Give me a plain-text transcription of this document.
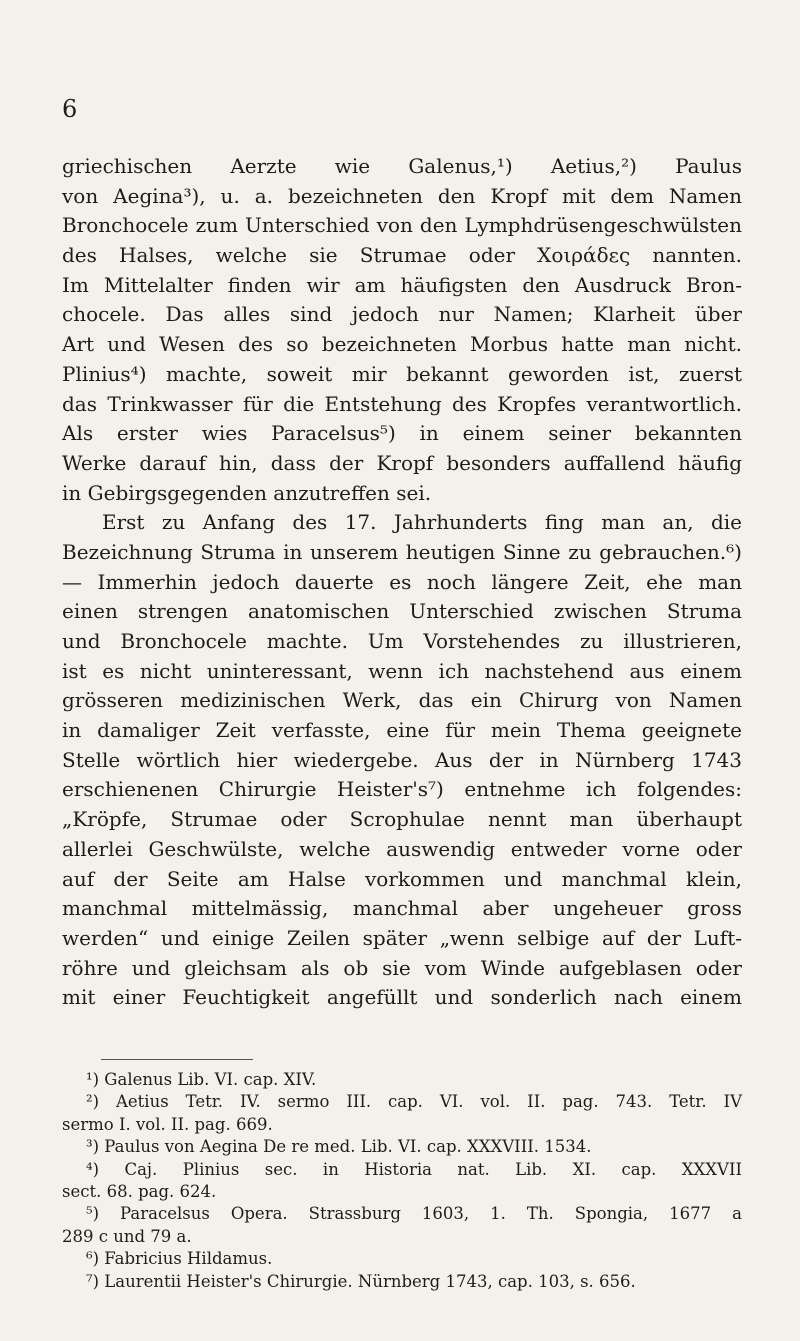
6
griechischen Aerzte wie Galenus,¹) Aetius,²) Paulus
von Aegina³), u. a. bezeichneten den Kropf mit dem Namen
Bronchocele zum Unterschied von den Lymphdrüsengeschwülsten
des Halses, welche sie Strumae oder Χοιράδες nannten.
Im Mittelalter finden wir am häufigsten den Ausdruck Bron-
chocele. Das alles sind jedoch nur Namen; Klarheit über
Art und Wesen des so bezeichneten Morbus hatte man nicht.
Plinius⁴) machte, soweit mir bekannt geworden ist, zuerst
das Trinkwasser für die Entstehung des Kropfes verantwortlich.
Als erster wies Paracelsus⁵) in einem seiner bekannten
Werke darauf hin, dass der Kropf besonders auffallend häufig
in Gebirgsgegenden anzutreffen sei.
Erst zu Anfang des 17. Jahrhunderts fing man an, die
Bezeichnung Struma in unserem heutigen Sinne zu gebrauchen.⁶)
— Immerhin jedoch dauerte es noch längere Zeit, ehe man
einen strengen anatomischen Unterschied zwischen Struma
und Bronchocele machte. Um Vorstehendes zu illustrieren,
ist es nicht uninteressant, wenn ich nachstehend aus einem
grösseren medizinischen Werk, das ein Chirurg von Namen
in damaliger Zeit verfasste, eine für mein Thema geeignete
Stelle wörtlich hier wiedergebe. Aus der in Nürnberg 1743
erschienenen Chirurgie Heister's⁷) entnehme ich folgendes:
„Kröpfe, Strumae oder Scrophulae nennt man überhaupt
allerlei Geschwülste, welche auswendig entweder vorne oder
auf der Seite am Halse vorkommen und manchmal klein,
manchmal mittelmässig, manchmal aber ungeheuer gross
werden“ und einige Zeilen später „wenn selbige auf der Luft-
röhre und gleichsam als ob sie vom Winde aufgeblasen oder
mit einer Feuchtigkeit angefüllt und sonderlich nach einem
¹) Galenus Lib. VI. cap. XIV.
²) Aetius Tetr. IV. sermo III. cap. VI. vol. II. pag. 743. Tetr. IV
sermo I. vol. II. pag. 669.
³) Paulus von Aegina De re med. Lib. VI. cap. XXXVIII. 1534.
⁴) Caj. Plinius sec. in Historia nat. Lib. XI. cap. XXXVII
sect. 68. pag. 624.
⁵) Paracelsus Opera. Strassburg 1603, 1. Th. Spongia, 1677 a
289 c und 79 a.
⁶) Fabricius Hildamus.
⁷) Laurentii Heister's Chirurgie. Nürnberg 1743, cap. 103, s. 656.
